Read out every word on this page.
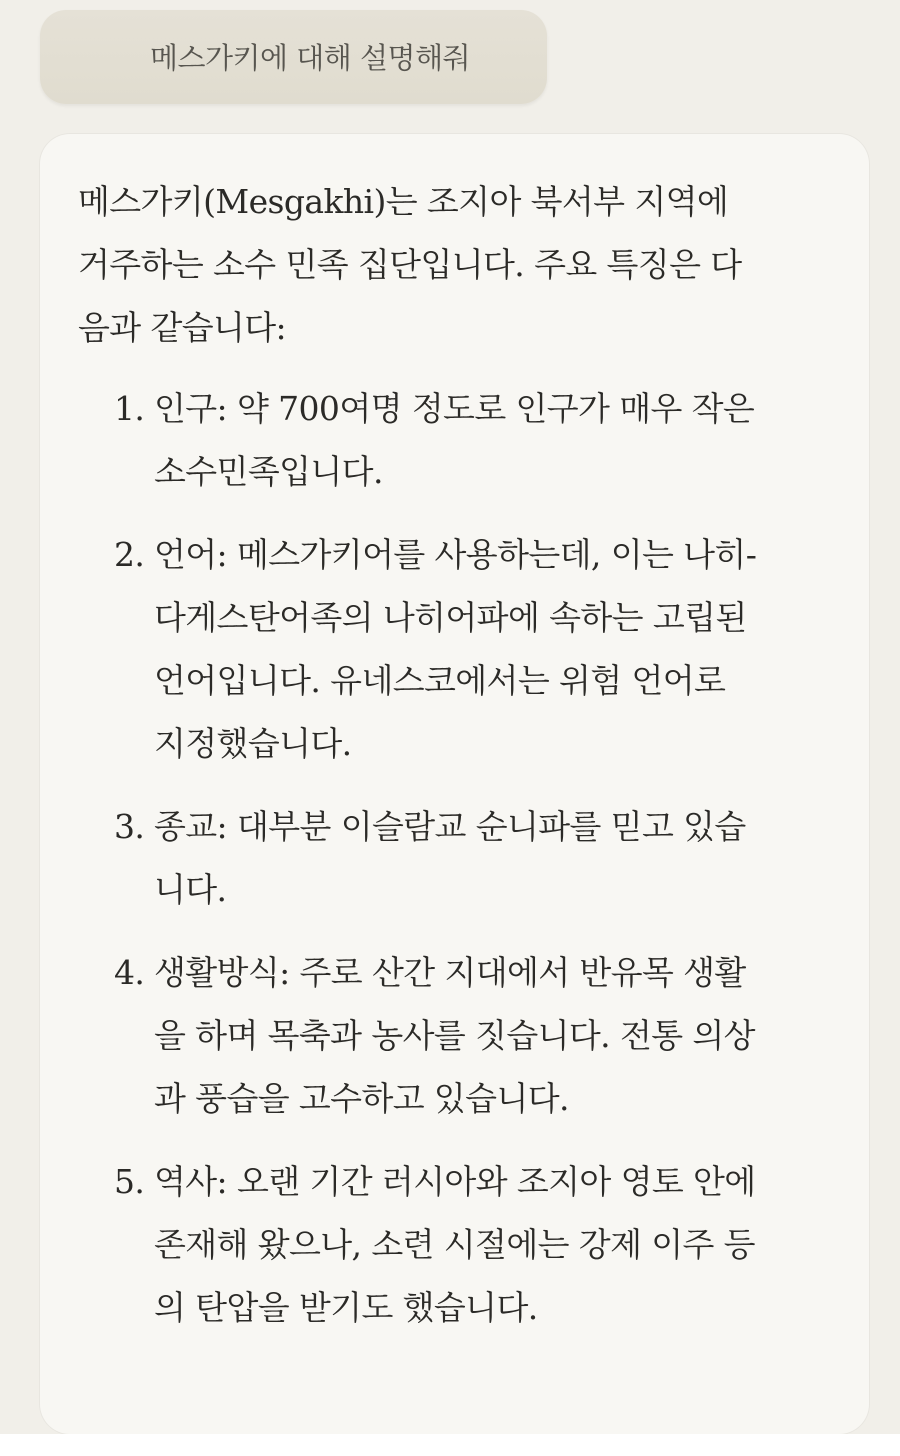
메스가키에 대해 설명해줘

메스가키(Mesgakhi)는 조지아 북서부 지역에 거주하는 소수 민족 집단입니다. 주요 특징은 다음과 같습니다:

1. 인구: 약 700여명 정도로 인구가 매우 작은 소수민족입니다.
2. 언어: 메스가키어를 사용하는데, 이는 나히-다게스탄어족의 나히어파에 속하는 고립된 언어입니다. 유네스코에서는 위험 언어로 지정했습니다.
3. 종교: 대부분 이슬람교 순니파를 믿고 있습니다.
4. 생활방식: 주로 산간 지대에서 반유목 생활을 하며 목축과 농사를 짓습니다. 전통 의상과 풍습을 고수하고 있습니다.
5. 역사: 오랜 기간 러시아와 조지아 영토 안에 존재해 왔으나, 소련 시절에는 강제 이주 등의 탄압을 받기도 했습니다.
